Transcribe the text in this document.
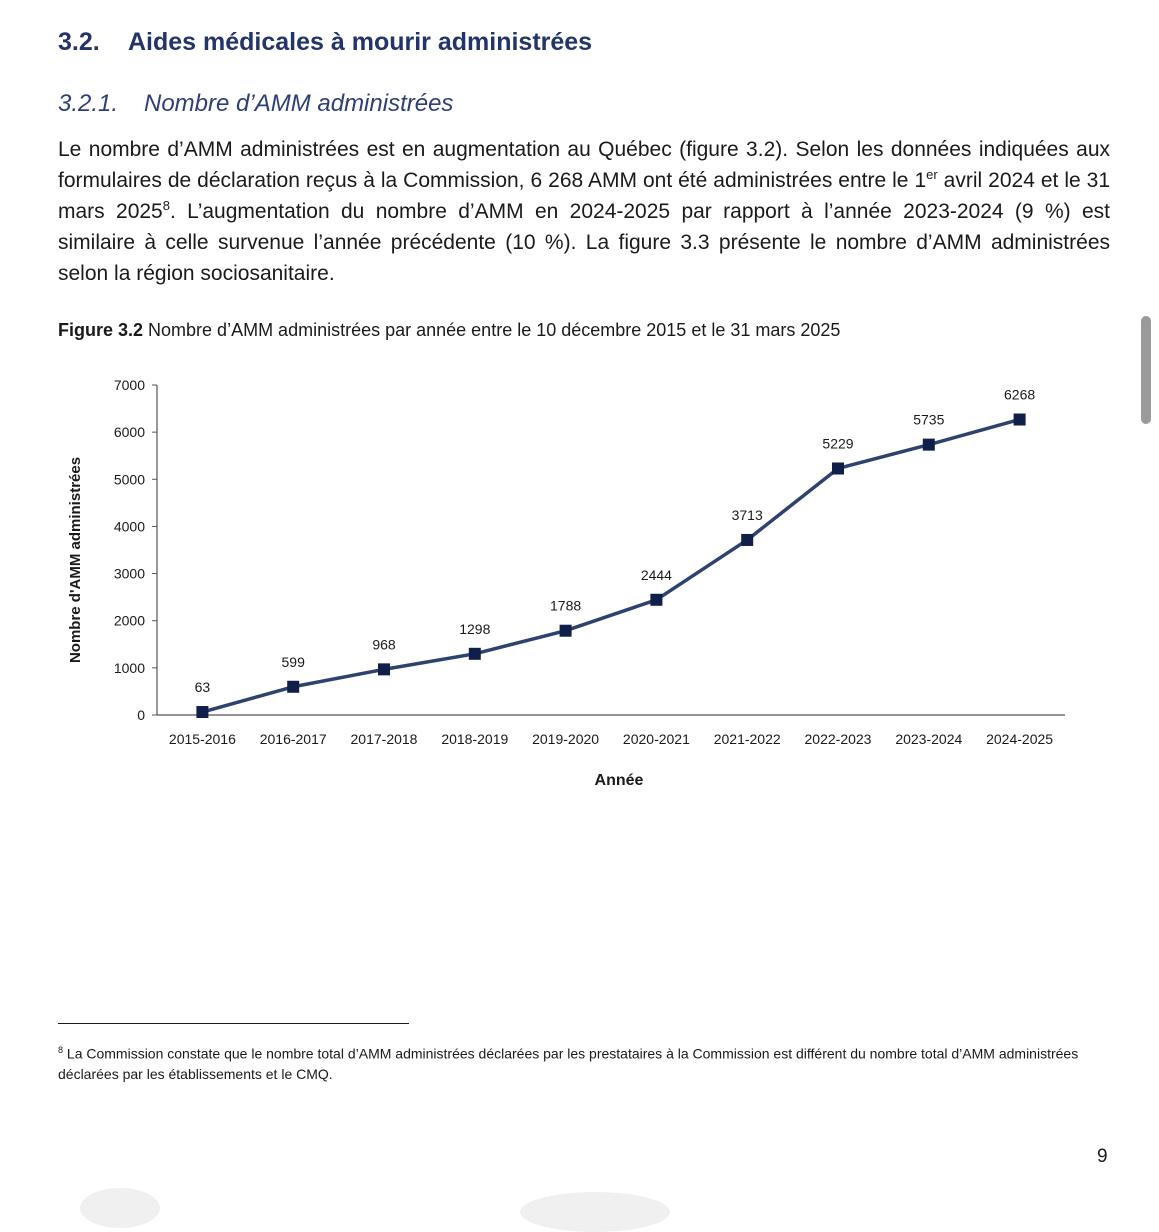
3.2. Aides médicales à mourir administrées
3.2.1. Nombre d’AMM administrées
Le nombre d’AMM administrées est en augmentation au Québec (figure 3.2). Selon les données indiquées aux formulaires de déclaration reçus à la Commission, 6 268 AMM ont été administrées entre le 1er avril 2024 et le 31 mars 2025$^8$. L’augmentation du nombre d’AMM en 2024-2025 par rapport à l’année 2023-2024 (9 %) est similaire à celle survenue l’année précédente (10 %). La figure 3.3 présente le nombre d’AMM administrées selon la région sociosanitaire.
Figure 3.2 Nombre d’AMM administrées par année entre le 10 décembre 2015 et le 31 mars 2025
0
1000
2000
3000
4000
5000
6000
7000
2015-2016 2016-2017 2017-2018 2018-2019 2019-2020 2020-2021 2021-2022 2022-2023 2023-2024 2024-2025
Année
Nombre d'AMM administrées
63
599
968
1298
1788
2444
3713
5229
5735
6268
$^8$ La Commission constate que le nombre total d’AMM administrées déclarées par les prestataires à la Commission est différent du nombre total d’AMM administrées déclarées par les établissements et le CMQ.
9
